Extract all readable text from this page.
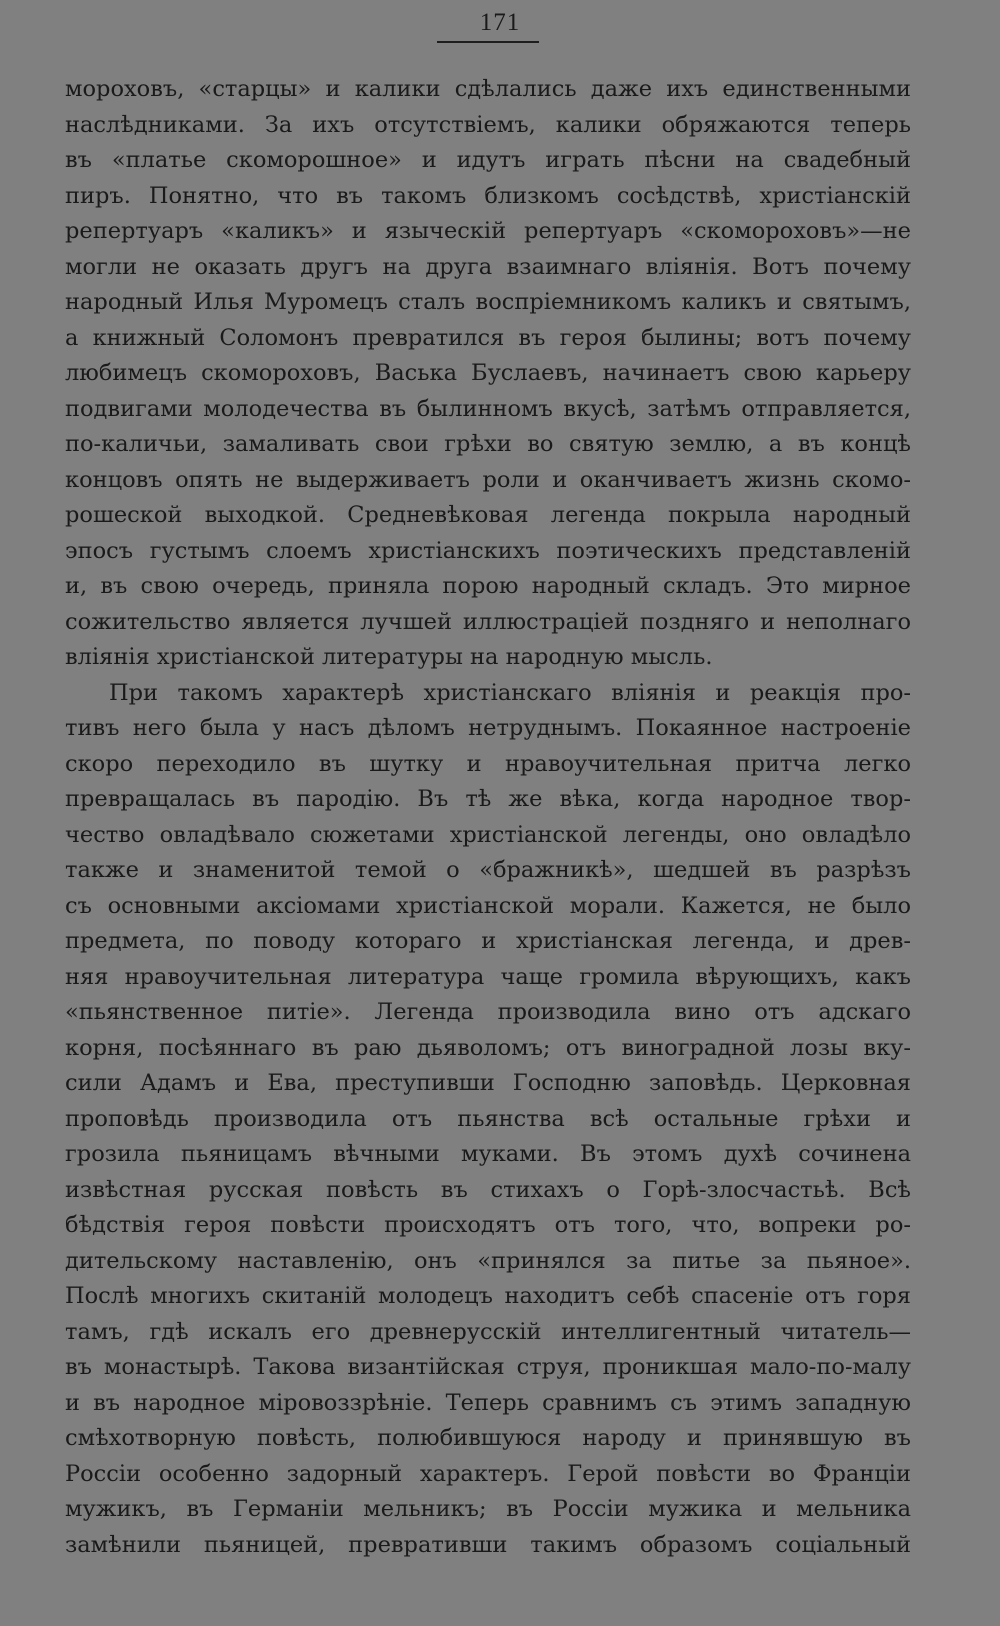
171
мороховъ, «старцы» и калики сдѣлались даже ихъ единственными
наслѣдниками. За ихъ отсутствіемъ, калики обряжаются теперь
въ «платье скоморошное» и идутъ играть пѣсни на свадебный
пиръ. Понятно, что въ такомъ близкомъ сосѣдствѣ, христіанскій
репертуаръ «каликъ» и языческій репертуаръ «скомороховъ»—не
могли не оказать другъ на друга взаимнаго вліянія. Вотъ почему
народный Илья Муромецъ сталъ воспріемникомъ каликъ и святымъ,
а книжный Соломонъ превратился въ героя былины; вотъ почему
любимецъ скомороховъ, Васька Буслаевъ, начинаетъ свою карьеру
подвигами молодечества въ былинномъ вкусѣ, затѣмъ отправляется,
по-каличьи, замаливать свои грѣхи во святую землю, а въ концѣ
концовъ опять не выдерживаетъ роли и оканчиваетъ жизнь скомо-
рошеской выходкой. Средневѣковая легенда покрыла народный
эпосъ густымъ слоемъ христіанскихъ поэтическихъ представленій
и, въ свою очередь, приняла порою народный складъ. Это мирное
сожительство является лучшей иллюстраціей поздняго и неполнаго
вліянія христіанской литературы на народную мысль.
При такомъ характерѣ христіанскаго вліянія и реакція про-
тивъ него была у насъ дѣломъ нетруднымъ. Покаянное настроеніе
скоро переходило въ шутку и нравоучительная притча легко
превращалась въ пародію. Въ тѣ же вѣка, когда народное твор-
чество овладѣвало сюжетами христіанской легенды, оно овладѣло
также и знаменитой темой о «бражникѣ», шедшей въ разрѣзъ
съ основными аксіомами христіанской морали. Кажется, не было
предмета, по поводу котораго и христіанская легенда, и древ-
няя нравоучительная литература чаще громила вѣрующихъ, какъ
«пьянственное питіе». Легенда производила вино отъ адскаго
корня, посѣяннаго въ раю дьяволомъ; отъ виноградной лозы вку-
сили Адамъ и Ева, преступивши Господню заповѣдь. Церковная
проповѣдь производила отъ пьянства всѣ остальные грѣхи и
грозила пьяницамъ вѣчными муками. Въ этомъ духѣ сочинена
извѣстная русская повѣсть въ стихахъ о Горѣ-злосчастьѣ. Всѣ
бѣдствія героя повѣсти происходятъ отъ того, что, вопреки ро-
дительскому наставленію, онъ «принялся за питье за пьяное».
Послѣ многихъ скитаній молодецъ находитъ себѣ спасеніе отъ горя
тамъ, гдѣ искалъ его древнерусскій интеллигентный читатель—
въ монастырѣ. Такова византійская струя, проникшая мало-по-малу
и въ народное міровоззрѣніе. Теперь сравнимъ съ этимъ западную
смѣхотворную повѣсть, полюбившуюся народу и принявшую въ
Россіи особенно задорный характеръ. Герой повѣсти во Франціи
мужикъ, въ Германіи мельникъ; въ Россіи мужика и мельника
замѣнили пьяницей, превративши такимъ образомъ соціальный
